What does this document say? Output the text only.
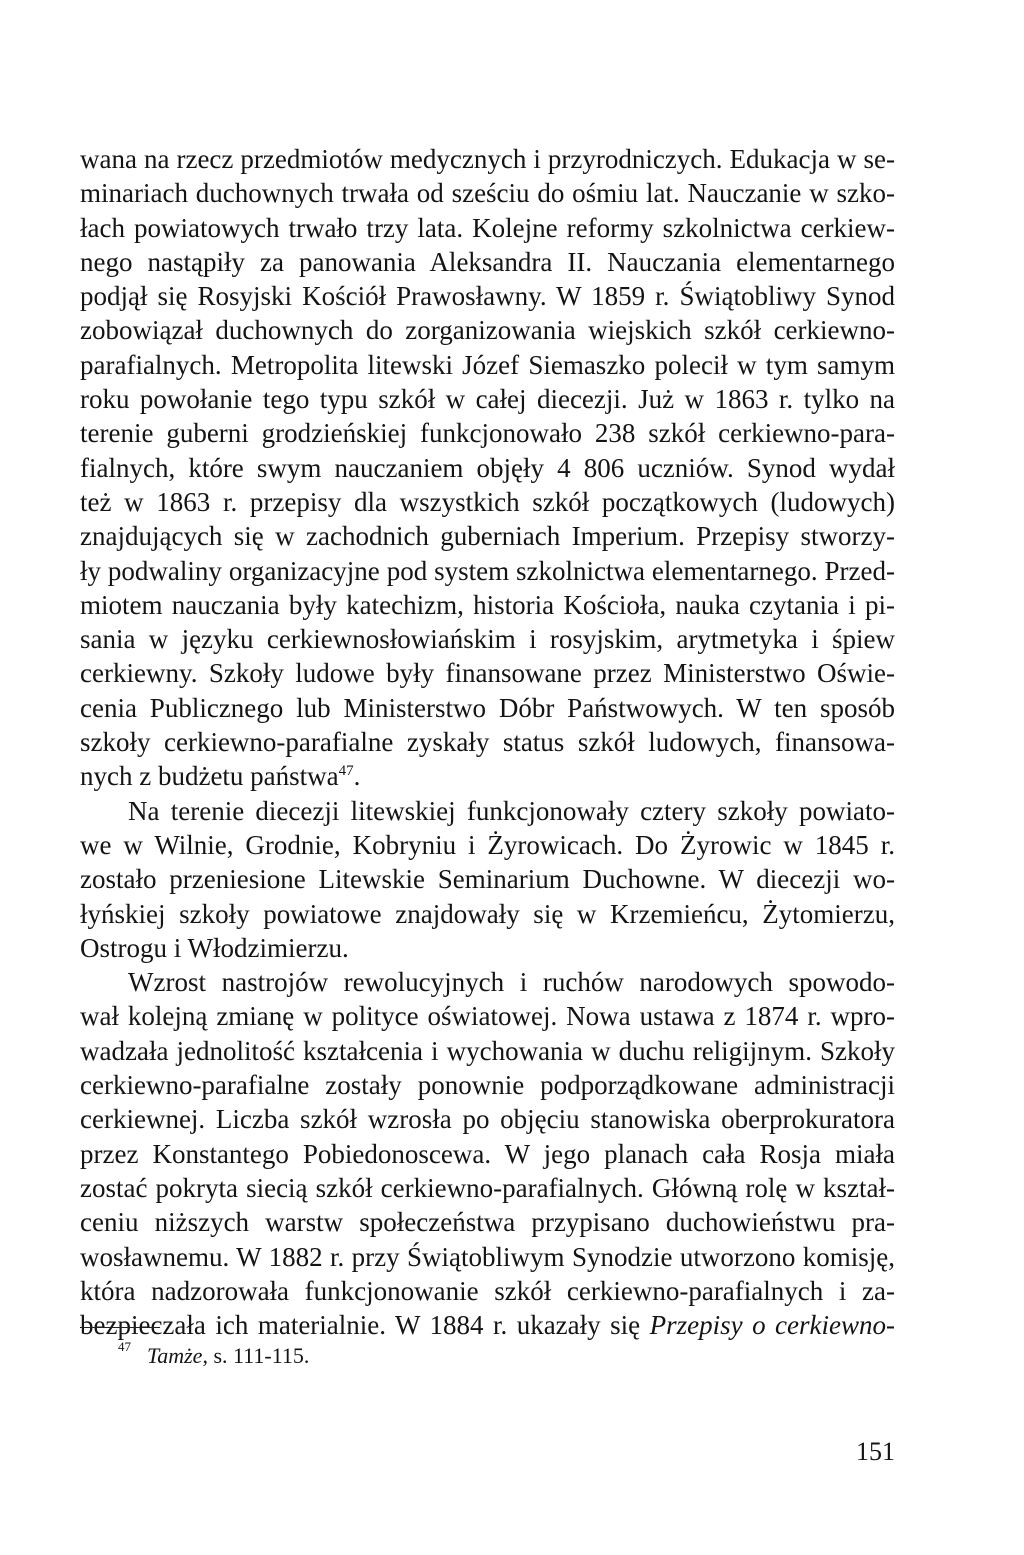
wana na rzecz przedmiotów medycznych i przyrodniczych. Edukacja w se-
minariach duchownych trwała od sześciu do ośmiu lat. Nauczanie w szko-
łach powiatowych trwało trzy lata. Kolejne reformy szkolnictwa cerkiew-
nego nastąpiły za panowania Aleksandra II. Nauczania elementarnego
podjął się Rosyjski Kościół Prawosławny. W 1859 r. Świątobliwy Synod
zobowiązał duchownych do zorganizowania wiejskich szkół cerkiewno-
parafialnych. Metropolita litewski Józef Siemaszko polecił w tym samym
roku powołanie tego typu szkół w całej diecezji. Już w 1863 r. tylko na
terenie guberni grodzieńskiej funkcjonowało 238 szkół cerkiewno-para-
fialnych, które swym nauczaniem objęły 4 806 uczniów. Synod wydał
też w 1863 r. przepisy dla wszystkich szkół początkowych (ludowych)
znajdujących się w zachodnich guberniach Imperium. Przepisy stworzy-
ły podwaliny organizacyjne pod system szkolnictwa elementarnego. Przed-
miotem nauczania były katechizm, historia Kościoła, nauka czytania i pi-
sania w języku cerkiewnosłowiańskim i rosyjskim, arytmetyka i śpiew
cerkiewny. Szkoły ludowe były finansowane przez Ministerstwo Oświe-
cenia Publicznego lub Ministerstwo Dóbr Państwowych. W ten sposób
szkoły cerkiewno-parafialne zyskały status szkół ludowych, finansowa-
nych z budżetu państwa$^{47}$.
Na terenie diecezji litewskiej funkcjonowały cztery szkoły powiato-
we w Wilnie, Grodnie, Kobryniu i Żyrowicach. Do Żyrowic w 1845 r.
zostało przeniesione Litewskie Seminarium Duchowne. W diecezji wo-
łyńskiej szkoły powiatowe znajdowały się w Krzemieńcu, Żytomierzu,
Ostrogu i Włodzimierzu.
Wzrost nastrojów rewolucyjnych i ruchów narodowych spowodo-
wał kolejną zmianę w polityce oświatowej. Nowa ustawa z 1874 r. wpro-
wadzała jednolitość kształcenia i wychowania w duchu religijnym. Szkoły
cerkiewno-parafialne zostały ponownie podporządkowane administracji
cerkiewnej. Liczba szkół wzrosła po objęciu stanowiska oberprokuratora
przez Konstantego Pobiedonoscewa. W jego planach cała Rosja miała
zostać pokryta siecią szkół cerkiewno-parafialnych. Główną rolę w kształ-
ceniu niższych warstw społeczeństwa przypisano duchowieństwu pra-
wosławnemu. W 1882 r. przy Świątobliwym Synodzie utworzono komisję,
która nadzorowała funkcjonowanie szkół cerkiewno-parafialnych i za-
bezpieczała ich materialnie. W 1884 r. ukazały się Przepisy o cerkiewno-
$^{47}$ Tamże, s. 111-115.
151
